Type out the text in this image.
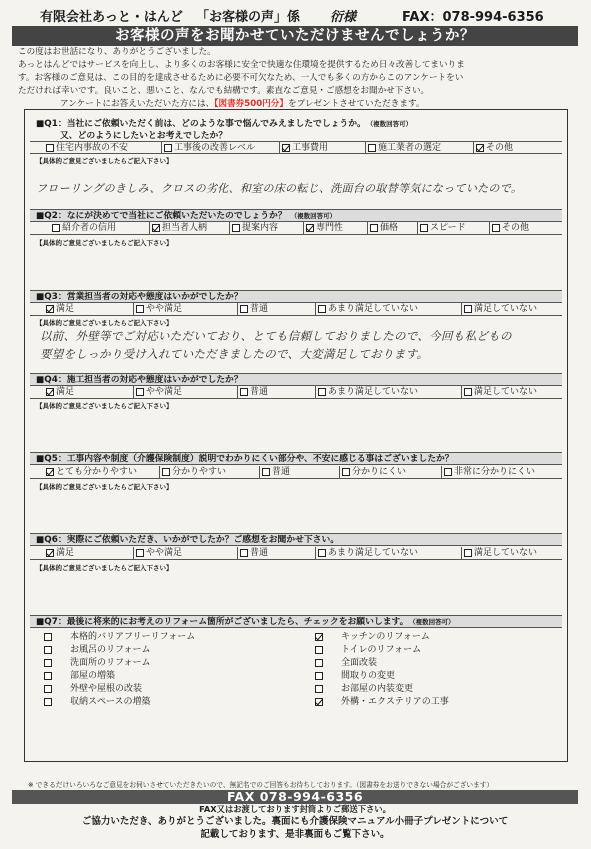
有限会社あっと・はんど 「お客様の声」係 衍様	FAX：078-994-6356
お客様の声をお聞かせていただけませんでしょうか？
この度はお世話になり、ありがとうございました。
あっとはんどではサービスを向上し、より多くのお客様に安全で快適な住環境を提供するため日々改善してまいりま
す。お客様のご意見は、この目的を達成させるために必要不可欠なため、一人でも多くの方からこのアンケートをい
ただければ幸いです。良いこと、悪いこと、なんでも結構です。素直なご意見・ご感想をお聞かせ下さい。
アンケートにお答えいただいた方には、【図書券500円分】をプレゼントさせていただきます。
■Q1：当社にご依頼いただく前は、どのような事で悩んでみえましたでしょうか。 （複数回答可）
又、どのようにしたいとお考えでしたか？
住宅内事故の不安	工事後の改善レベル	工事費用	施工業者の選定	その他
【具体的ご意見ございましたらご記入下さい】
フローリングのきしみ、クロスの劣化、和室の床の転じ、洗面台の取替等気になっていたので。
■Q2：なにが決めてで当社にご依頼いただいたのでしょうか？ （複数回答可）
紹介者の信用	担当者人柄	提案内容	専門性	価格	スピード	その他
【具体的ご意見ございましたらご記入下さい】
■Q3：営業担当者の対応や態度はいかがでしたか？
満足	やや満足	普通	あまり満足していない	満足していない
【具体的ご意見ございましたらご記入下さい】
以前、外壁等でご対応いただいており、とても信頼しておりましたので、今回も私どもの
要望をしっかり受け入れていただきましたので、大変満足しております。
■Q4：施工担当者の対応や態度はいかがでしたか？
満足	やや満足	普通	あまり満足していない	満足していない
【具体的ご意見ございましたらご記入下さい】
■Q5：工事内容や制度（介護保険制度）説明でわかりにくい部分や、不安に感じる事はございましたか？
とても分かりやすい	分かりやすい	普通	分かりにくい	非常に分かりにくい
【具体的ご意見ございましたらご記入下さい】
■Q6：実際にご依頼いただき、いかがでしたか？ご感想をお聞かせ下さい。
満足	やや満足	普通	あまり満足していない	満足していない
【具体的ご意見ございましたらご記入下さい】
■Q7：最後に将来的にお考えのリフォーム箇所がございましたら、チェックをお願いします。 （複数回答可）
本格的バリアフリーリフォーム
お風呂のリフォーム
洗面所のリフォーム
部屋の増築
外壁や屋根の改装
収納スペースの増築
キッチンのリフォーム
トイレのリフォーム
全面改装
間取りの変更
お部屋の内装変更
外構・エクステリアの工事
※ できるだけいろいろなご意見をお伺いさせていただきたいので、無記名でのご回答もお待ちしております。（図書券をお送りできない場合がございます）
FAX 078-994-6356
FAX又はお渡しております封筒よりご郵送下さい。
ご協力いただき、ありがとうございました。裏面にも介護保険マニュアル小冊子プレゼントについて
記載しております、是非裏面もご覧下さい。
